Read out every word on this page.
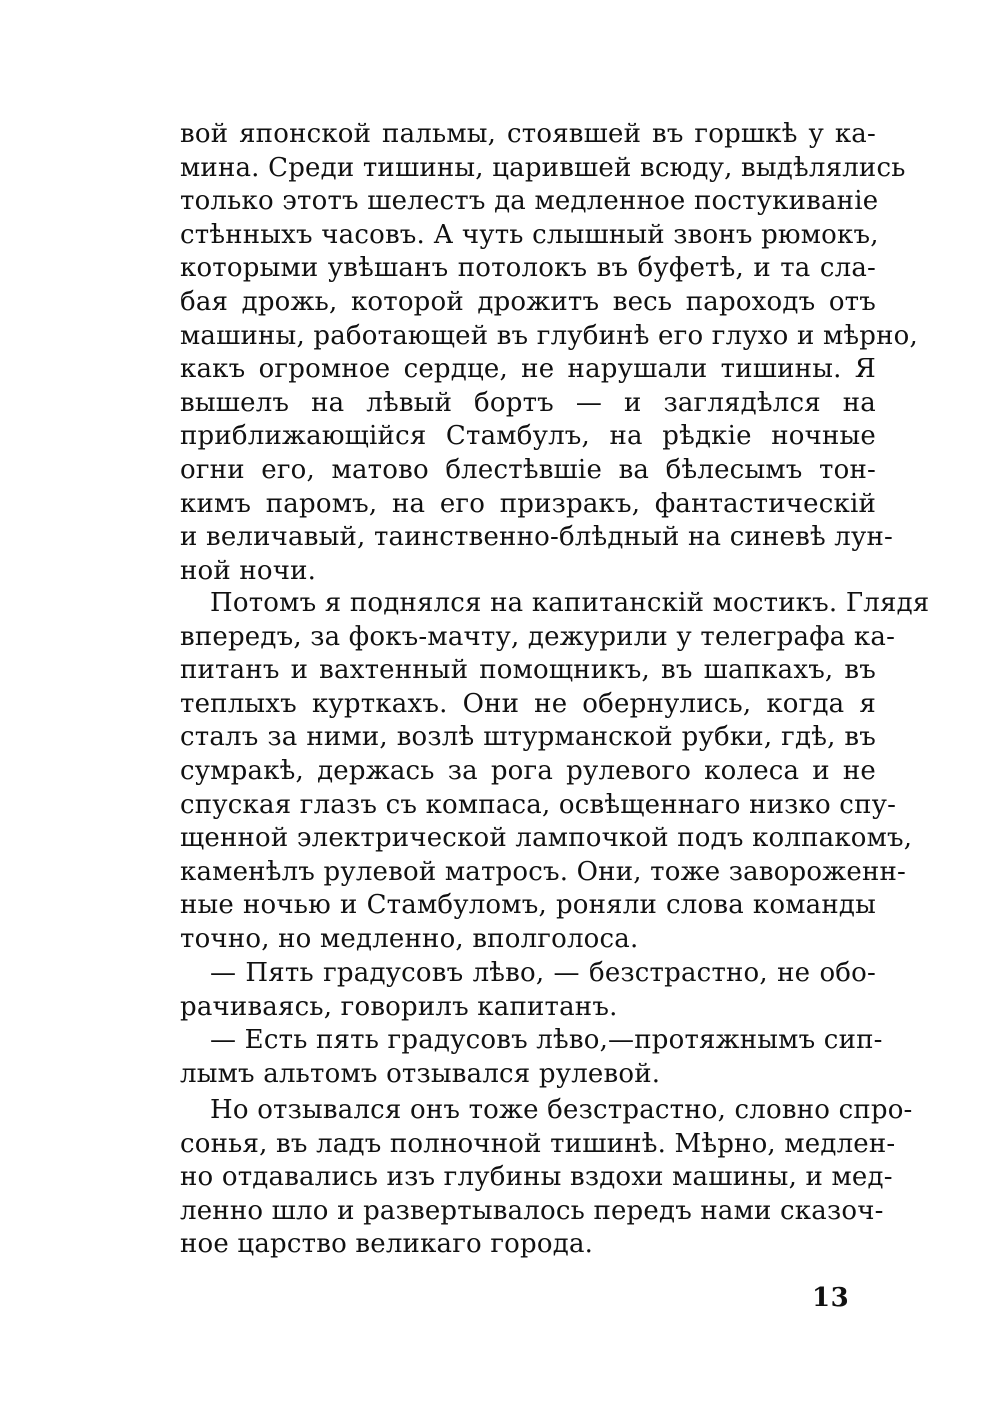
вой японской пальмы, стоявшей въ горшкѣ у ка-
мина. Среди тишины, царившей всюду, выдѣлялись
только этотъ шелестъ да медленное постукиванiе
стѣнныхъ часовъ. А чуть слышный звонъ рюмокъ,
которыми увѣшанъ потолокъ въ буфетѣ, и та сла-
бая дрожь, которой дрожитъ весь пароходъ отъ
машины, работающей въ глубинѣ его глухо и мѣрно,
какъ огромное сердце, не нарушали тишины. Я
вышелъ на лѣвый бортъ — и заглядѣлся на
приближающiйся Стамбулъ, на рѣдкiе ночные
огни его, матово блестѣвшiе ва бѣлесымъ тон-
кимъ паромъ, на его призракъ, фантастическiй
и величавый, таинственно-блѣдный на синевѣ лун-
ной ночи.
Потомъ я поднялся на капитанскiй мостикъ. Глядя
впередъ, за фокъ-мачту, дежурили у телеграфа ка-
питанъ и вахтенный помощникъ, въ шапкахъ, въ
теплыхъ курткахъ. Они не обернулись, когда я
сталъ за ними, возлѣ штурманской рубки, гдѣ, въ
сумракѣ, держась за рога рулевого колеса и не
спуская глазъ съ компаса, освѣщеннаго низко спу-
щенной электрической лампочкой подъ колпакомъ,
каменѣлъ рулевой матросъ. Они, тоже завороженн-
ные ночью и Стамбуломъ, роняли слова команды
точно, но медленно, вполголоса.
— Пять градусовъ лѣво, — безстрастно, не обо-
рачиваясь, говорилъ капитанъ.
— Есть пять градусовъ лѣво,—протяжнымъ сип-
лымъ альтомъ отзывался рулевой.
Но отзывался онъ тоже безстрастно, словно спро-
сонья, въ ладъ полночной тишинѣ. Мѣрно, медлен-
но отдавались изъ глубины вздохи машины, и мед-
ленно шло и развертывалось передъ нами сказоч-
ное царство великаго города.
13
